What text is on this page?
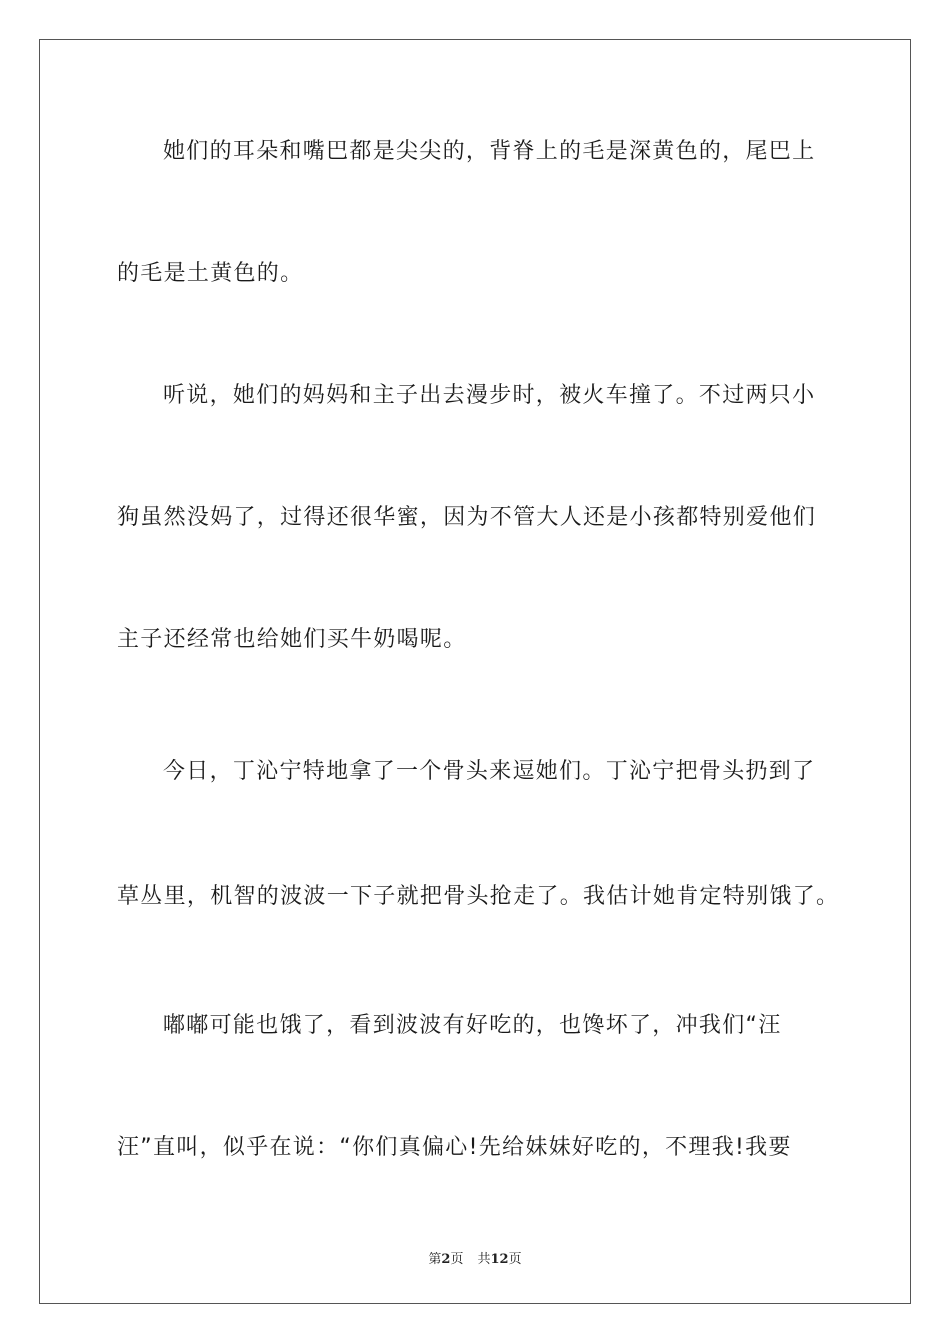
她们的耳朵和嘴巴都是尖尖的，背脊上的毛是深黄色的，尾巴上
的毛是土黄色的。
听说，她们的妈妈和主子出去漫步时，被火车撞了。不过两只小
狗虽然没妈了，过得还很华蜜，因为不管大人还是小孩都特别爱他们
主子还经常也给她们买牛奶喝呢。
今日，丁沁宁特地拿了一个骨头来逗她们。丁沁宁把骨头扔到了
草丛里，机智的波波一下子就把骨头抢走了。我估计她肯定特别饿了。
嘟嘟可能也饿了，看到波波有好吃的，也馋坏了，冲我们“汪
汪”直叫，似乎在说：“你们真偏心!先给妹妹好吃的，不理我!我要
第2页 共12页
